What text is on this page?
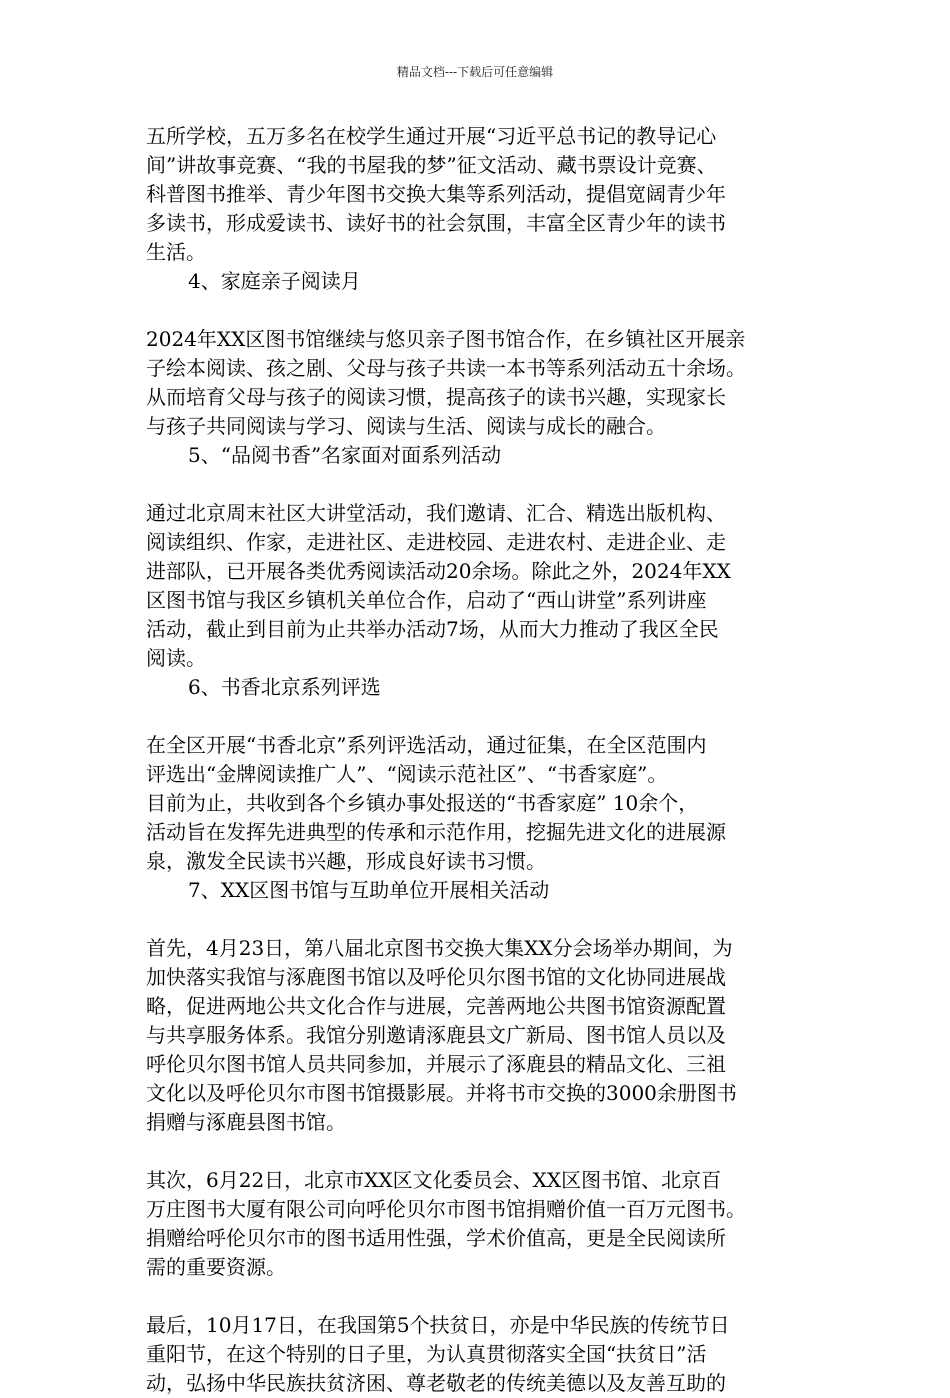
精品文档---下载后可任意编辑
五所学校，五万多名在校学生通过开展“习近平总书记的教导记心
间”讲故事竞赛、“我的书屋我的梦”征文活动、藏书票设计竞赛、
科普图书推举、青少年图书交换大集等系列活动，提倡宽阔青少年
多读书，形成爱读书、读好书的社会氛围，丰富全区青少年的读书
生活。
4、家庭亲子阅读月
2024年XX区图书馆继续与悠贝亲子图书馆合作，在乡镇社区开展亲
子绘本阅读、孩之剧、父母与孩子共读一本书等系列活动五十余场。
从而培育父母与孩子的阅读习惯，提高孩子的读书兴趣，实现家长
与孩子共同阅读与学习、阅读与生活、阅读与成长的融合。
5、“品阅书香”名家面对面系列活动
通过北京周末社区大讲堂活动，我们邀请、汇合、精选出版机构、
阅读组织、作家，走进社区、走进校园、走进农村、走进企业、走
进部队，已开展各类优秀阅读活动20余场。除此之外，2024年XX
区图书馆与我区乡镇机关单位合作，启动了“西山讲堂”系列讲座
活动，截止到目前为止共举办活动7场，从而大力推动了我区全民
阅读。
6、书香北京系列评选
在全区开展“书香北京”系列评选活动，通过征集，在全区范围内
评选出“金牌阅读推广人”、“阅读示范社区”、“书香家庭”。
目前为止，共收到各个乡镇办事处报送的“书香家庭” 10余个，
活动旨在发挥先进典型的传承和示范作用，挖掘先进文化的进展源
泉，激发全民读书兴趣，形成良好读书习惯。
7、XX区图书馆与互助单位开展相关活动
首先，4月23日，第八届北京图书交换大集XX分会场举办期间，为
加快落实我馆与涿鹿图书馆以及呼伦贝尔图书馆的文化协同进展战
略，促进两地公共文化合作与进展，完善两地公共图书馆资源配置
与共享服务体系。我馆分别邀请涿鹿县文广新局、图书馆人员以及
呼伦贝尔图书馆人员共同参加，并展示了涿鹿县的精品文化、三祖
文化以及呼伦贝尔市图书馆摄影展。并将书市交换的3000余册图书
捐赠与涿鹿县图书馆。
其次，6月22日，北京市XX区文化委员会、XX区图书馆、北京百
万庄图书大厦有限公司向呼伦贝尔市图书馆捐赠价值一百万元图书。
捐赠给呼伦贝尔市的图书适用性强，学术价值高，更是全民阅读所
需的重要资源。
最后，10月17日，在我国第5个扶贫日，亦是中华民族的传统节日
重阳节，在这个特别的日子里，为认真贯彻落实全国“扶贫日”活
动，弘扬中华民族扶贫济困、尊老敬老的传统美德以及友善互助的
